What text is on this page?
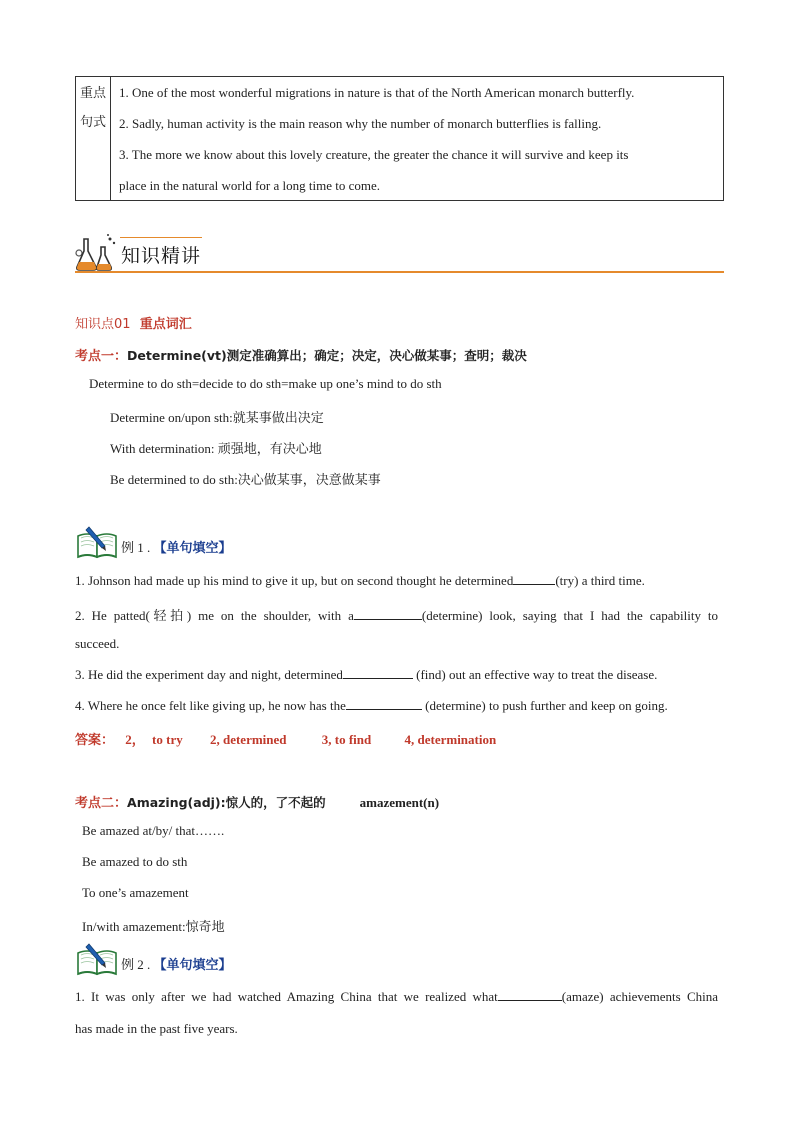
重点
句式
1. One of the most wonderful migrations in nature is that of the North American monarch butterfly.
2. Sadly, human activity is the main reason why the number of monarch butterflies is falling.
3. The more we know about this lovely creature, the greater the chance it will survive and keep its
place in the natural world for a long time to come.
知识精讲
知识点01 重点词汇
考点一：Determine(vt)测定准确算出；确定；决定，决心做某事；查明；裁决
Determine to do sth=decide to do sth=make up one’s mind to do sth
Determine on/upon sth:就某事做出决定
With determination: 顽强地，有决心地
Be determined to do sth:决心做某事，决意做某事
例 1 . 【单句填空】
1. Johnson had made up his mind to give it up, but on second thought he determined	(try) a third time.
2. He patted(轻拍) me on the shoulder, with a	(determine) look, saying that I had the capability to
succeed.
3. He did the experiment day and night, determined	(find) out an effective way to treat the disease.
4. Where he once felt like giving up, he now has the	(determine) to push further and keep on going.
答案： 2， to try 2, determined	3, to find	4, determination
考点二：Amazing(adj):惊人的，了不起的	amazement(n)
Be amazed at/by/ that…….
Be amazed to do sth
To one’s amazement
In/with amazement:惊奇地
例 2 . 【单句填空】
1. It was only after we had watched Amazing China that we realized what	(amaze) achievements China
has made in the past five years.
